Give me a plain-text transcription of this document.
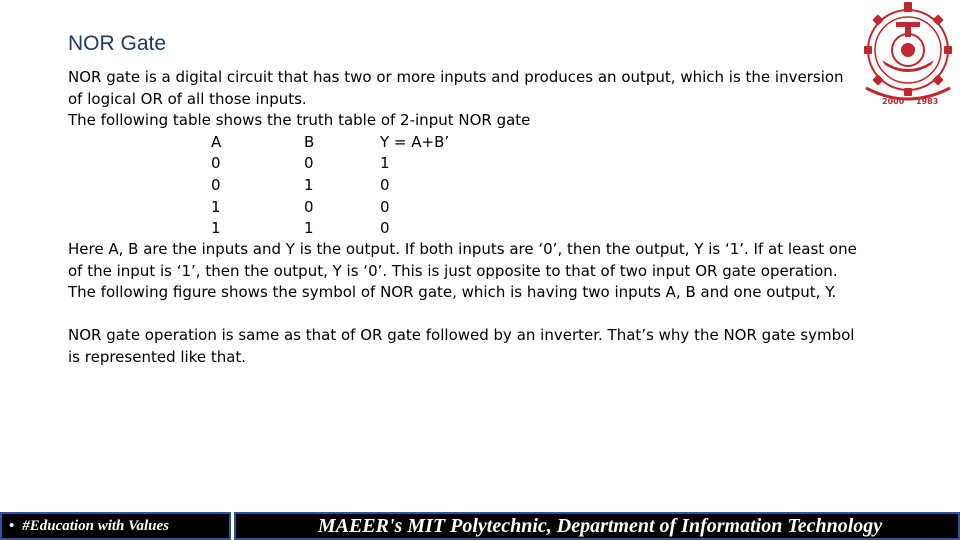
NOR Gate
NOR gate is a digital circuit that has two or more inputs and produces an output, which is the inversion of logical OR of all those inputs.
The following table shows the truth table of 2-input NOR gate
A	B	Y = A+B’
0	0	1
0	1	0
1	0	0
1	1	0
Here A, B are the inputs and Y is the output. If both inputs are ‘0’, then the output, Y is ‘1’. If at least one of the input is ‘1’, then the output, Y is ‘0’. This is just opposite to that of two input OR gate operation.
The following figure shows the symbol of NOR gate, which is having two inputs A, B and one output, Y.
NOR gate operation is same as that of OR gate followed by an inverter. That’s why the NOR gate symbol is represented like that.
2000 1983
• #Education with Values	MAEER's MIT Polytechnic, Department of Information Technology
